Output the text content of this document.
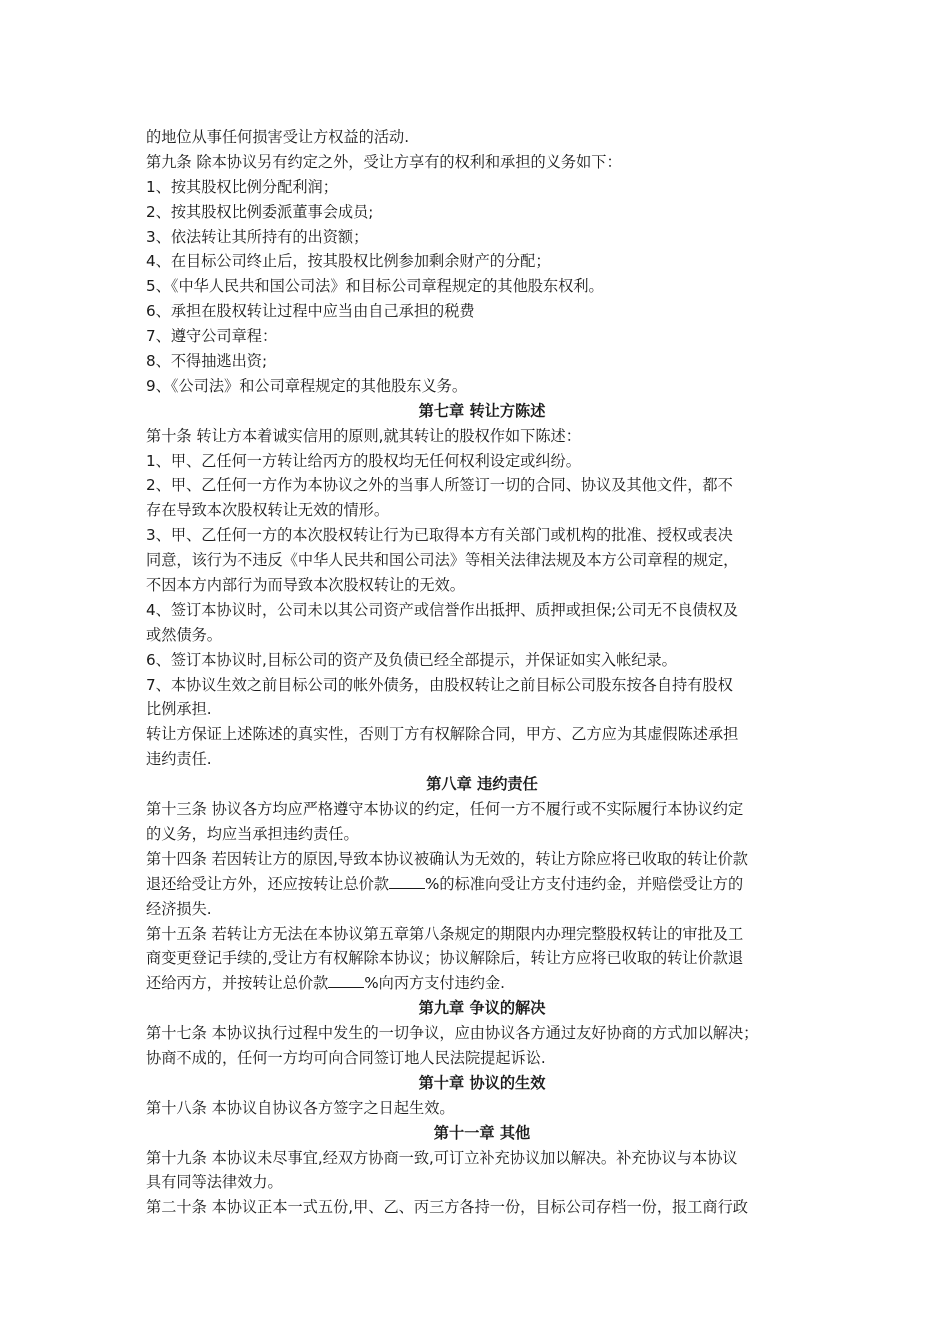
的地位从事任何损害受让方权益的活动.
第九条 除本协议另有约定之外，受让方享有的权利和承担的义务如下：
1、按其股权比例分配利润；
2、按其股权比例委派董事会成员;
3、依法转让其所持有的出资额；
4、在目标公司终止后，按其股权比例参加剩余财产的分配；
5、《中华人民共和国公司法》和目标公司章程规定的其他股东权利。
6、承担在股权转让过程中应当由自己承担的税费
7、遵守公司章程：
8、不得抽逃出资;
9、《公司法》和公司章程规定的其他股东义务。
第七章 转让方陈述
第十条 转让方本着诚实信用的原则,就其转让的股权作如下陈述：
1、甲、乙任何一方转让给丙方的股权均无任何权利设定或纠纷。
2、甲、乙任何一方作为本协议之外的当事人所签订一切的合同、协议及其他文件，都不
存在导致本次股权转让无效的情形。
3、甲、乙任何一方的本次股权转让行为已取得本方有关部门或机构的批准、授权或表决
同意，该行为不违反《中华人民共和国公司法》等相关法律法规及本方公司章程的规定，
不因本方内部行为而导致本次股权转让的无效。
4、签订本协议时，公司未以其公司资产或信誉作出抵押、质押或担保;公司无不良债权及
或然债务。
6、签订本协议时,目标公司的资产及负债已经全部提示，并保证如实入帐纪录。
7、本协议生效之前目标公司的帐外债务，由股权转让之前目标公司股东按各自持有股权
比例承担.
转让方保证上述陈述的真实性，否则丁方有权解除合同，甲方、乙方应为其虚假陈述承担
违约责任.
第八章 违约责任
第十三条 协议各方均应严格遵守本协议的约定，任何一方不履行或不实际履行本协议约定
的义务，均应当承担违约责任。
第十四条 若因转让方的原因,导致本协议被确认为无效的，转让方除应将已收取的转让价款
退还给受让方外，还应按转让总价款 %的标准向受让方支付违约金，并赔偿受让方的
经济损失.
第十五条 若转让方无法在本协议第五章第八条规定的期限内办理完整股权转让的审批及工
商变更登记手续的,受让方有权解除本协议；协议解除后，转让方应将已收取的转让价款退
还给丙方，并按转让总价款 %向丙方支付违约金.
第九章 争议的解决
第十七条 本协议执行过程中发生的一切争议，应由协议各方通过友好协商的方式加以解决；
协商不成的，任何一方均可向合同签订地人民法院提起诉讼.
第十章 协议的生效
第十八条 本协议自协议各方签字之日起生效。
第十一章 其他
第十九条 本协议未尽事宜,经双方协商一致,可订立补充协议加以解决。补充协议与本协议
具有同等法律效力。
第二十条 本协议正本一式五份,甲、乙、丙三方各持一份，目标公司存档一份，报工商行政
